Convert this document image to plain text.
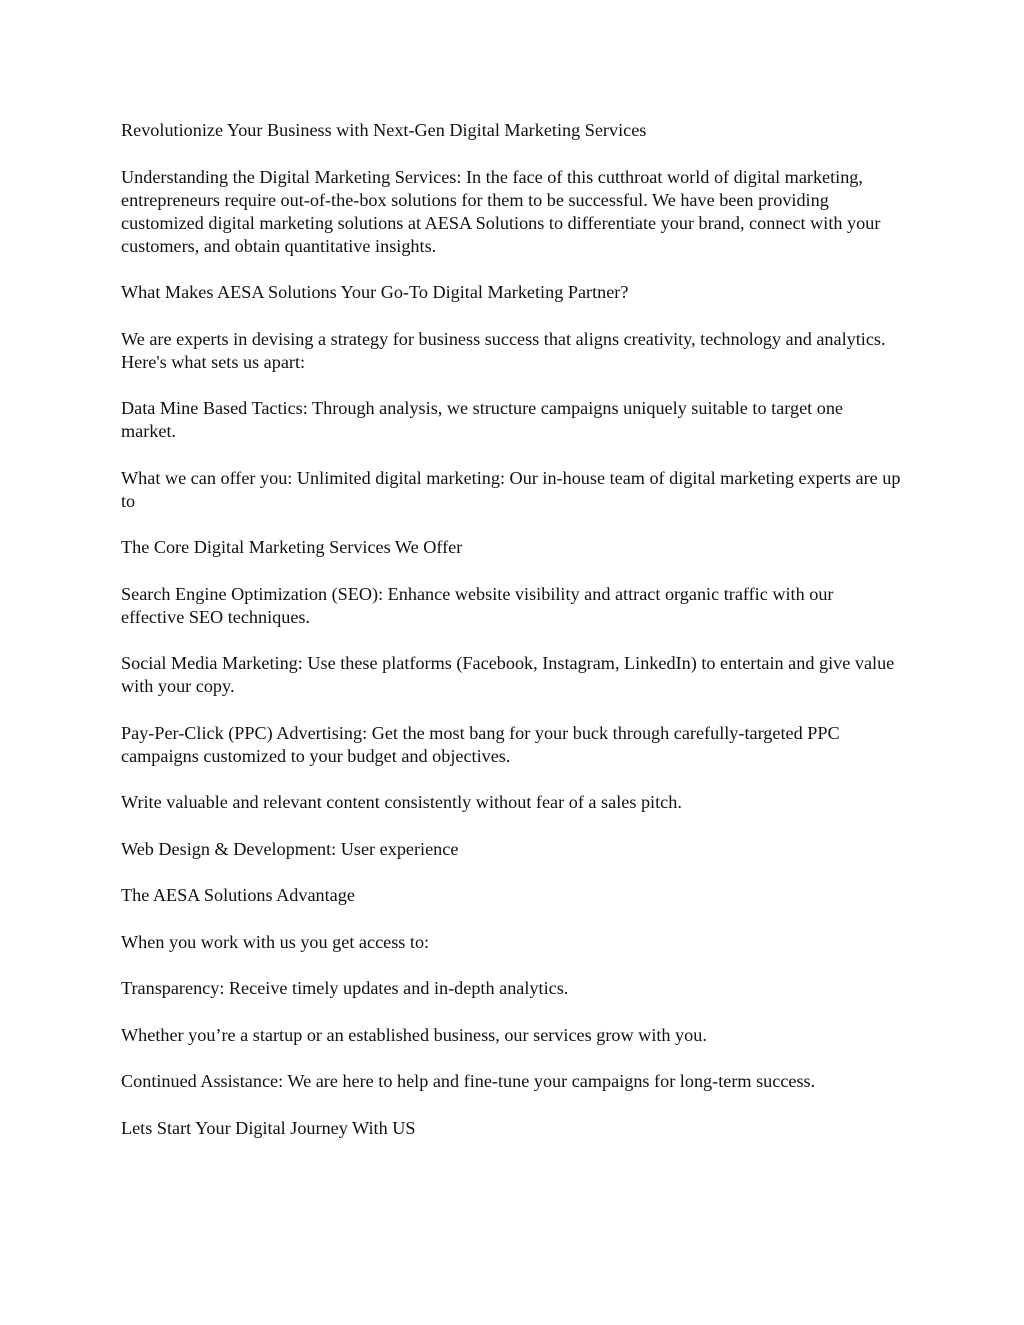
Revolutionize Your Business with Next-Gen Digital Marketing Services

Understanding the Digital Marketing Services: In the face of this cutthroat world of digital marketing, entrepreneurs require out-of-the-box solutions for them to be successful. We have been providing customized digital marketing solutions at AESA Solutions to differentiate your brand, connect with your customers, and obtain quantitative insights.

What Makes AESA Solutions Your Go-To Digital Marketing Partner?

We are experts in devising a strategy for business success that aligns creativity, technology and analytics. Here's what sets us apart:

Data Mine Based Tactics: Through analysis, we structure campaigns uniquely suitable to target one market.

What we can offer you: Unlimited digital marketing: Our in-house team of digital marketing experts are up to

The Core Digital Marketing Services We Offer

Search Engine Optimization (SEO): Enhance website visibility and attract organic traffic with our effective SEO techniques.

Social Media Marketing: Use these platforms (Facebook, Instagram, LinkedIn) to entertain and give value with your copy.

Pay-Per-Click (PPC) Advertising: Get the most bang for your buck through carefully-targeted PPC campaigns customized to your budget and objectives.

Write valuable and relevant content consistently without fear of a sales pitch.

Web Design & Development: User experience

The AESA Solutions Advantage

When you work with us you get access to:

Transparency: Receive timely updates and in-depth analytics.

Whether you’re a startup or an established business, our services grow with you.

Continued Assistance: We are here to help and fine-tune your campaigns for long-term success.

Lets Start Your Digital Journey With US
